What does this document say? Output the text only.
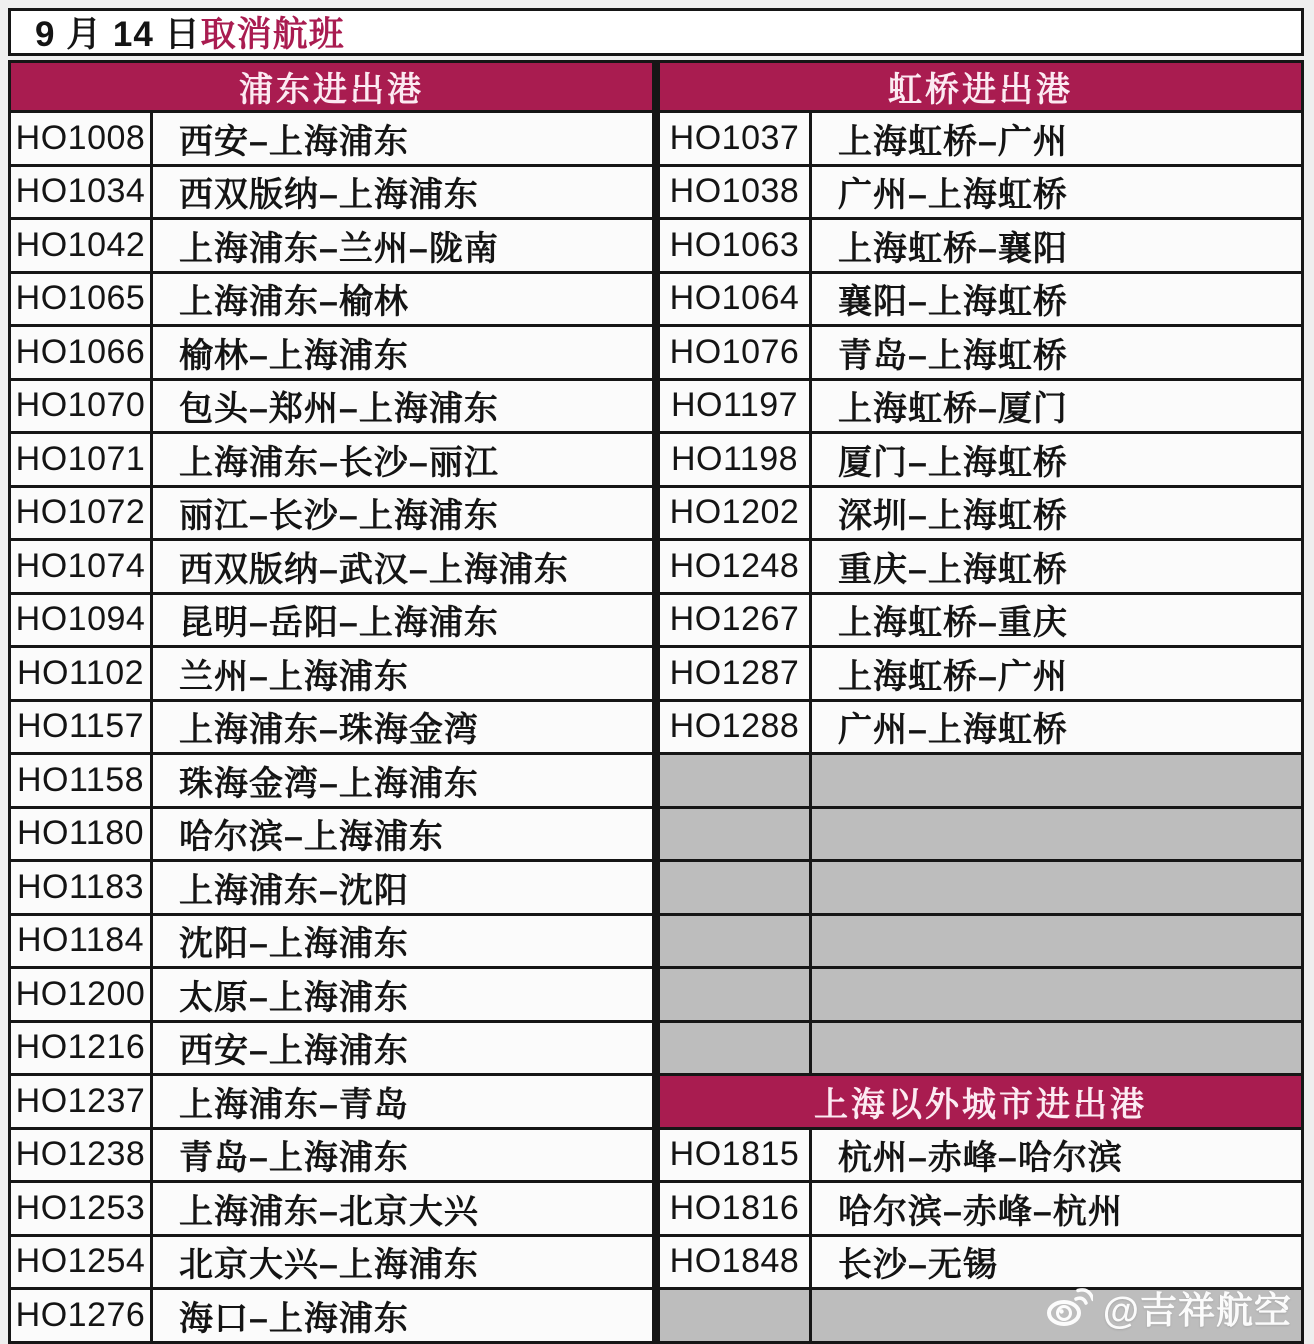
9 月 14 日 取消航班
浦东进出港
HO1008 西安–上海浦东
HO1034 西双版纳–上海浦东
HO1042 上海浦东–兰州–陇南
HO1065 上海浦东–榆林
HO1066 榆林–上海浦东
HO1070 包头–郑州–上海浦东
HO1071 上海浦东–长沙–丽江
HO1072 丽江–长沙–上海浦东
HO1074 西双版纳–武汉–上海浦东
HO1094 昆明–岳阳–上海浦东
HO1102	兰州–上海浦东
HO1157	上海浦东–珠海金湾
HO1158	珠海金湾–上海浦东
HO1180	哈尔滨–上海浦东
HO1183	上海浦东–沈阳
HO1184	沈阳–上海浦东
HO1200 太原–上海浦东
HO1216 西安–上海浦东
HO1237 上海浦东–青岛
HO1238 青岛–上海浦东
HO1253 上海浦东–北京大兴
HO1254 北京大兴–上海浦东
HO1276 海口–上海浦东
虹桥进出港
HO1037	上海虹桥–广州
HO1038	广州–上海虹桥
HO1063	上海虹桥–襄阳
HO1064	襄阳–上海虹桥
HO1076	青岛–上海虹桥
HO1197	上海虹桥–厦门
HO1198	厦门–上海虹桥
HO1202	深圳–上海虹桥
HO1248	重庆–上海虹桥
HO1267	上海虹桥–重庆
HO1287	上海虹桥–广州
HO1288	广州–上海虹桥
上海以外城市进出港
HO1815	杭州–赤峰–哈尔滨
HO1816	哈尔滨–赤峰–杭州
HO1848	长沙–无锡
@吉祥航空
